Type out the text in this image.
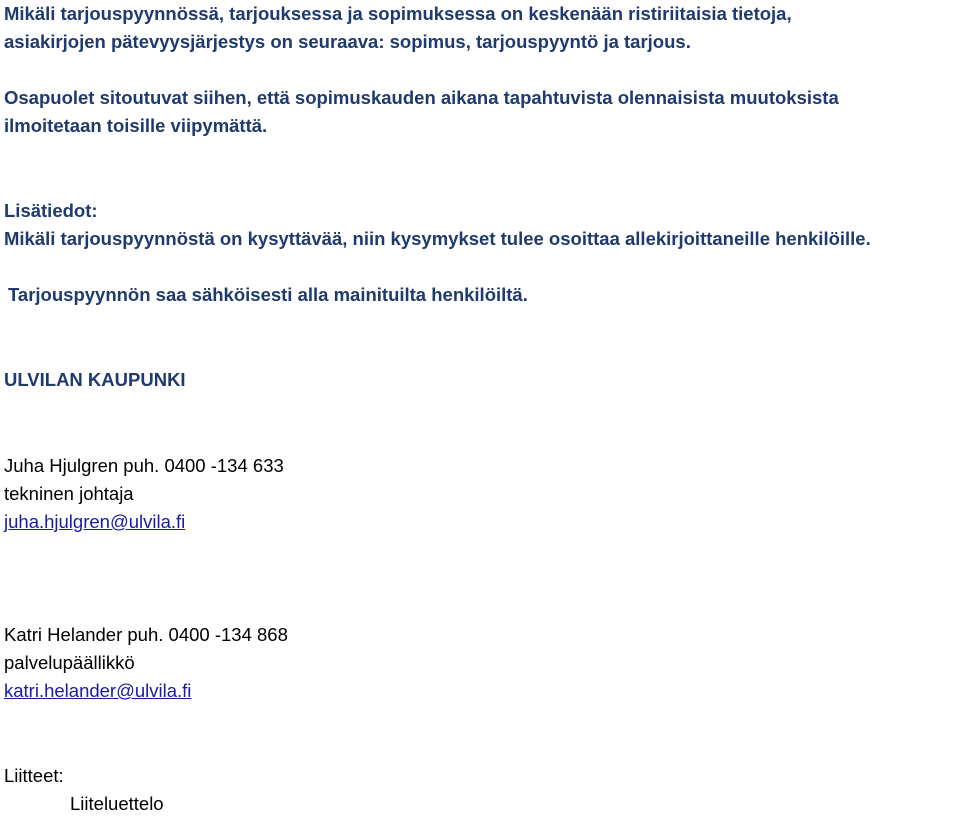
Mikäli tarjouspyynnössä, tarjouksessa ja sopimuksessa on keskenään ristiriitaisia tietoja,
asiakirjojen pätevyysjärjestys on seuraava: sopimus, tarjouspyyntö ja tarjous.
Osapuolet sitoutuvat siihen, että sopimuskauden aikana tapahtuvista olennaisista muutoksista
ilmoitetaan toisille viipymättä.
Lisätiedot:
Mikäli tarjouspyynnöstä on kysyttävää, niin kysymykset tulee osoittaa allekirjoittaneille henkilöille.
Tarjouspyynnön saa sähköisesti alla mainituilta henkilöiltä.
ULVILAN KAUPUNKI
Juha Hjulgren puh. 0400 -134 633
tekninen johtaja
juha.hjulgren@ulvila.fi
Katri Helander puh. 0400 -134 868
palvelupäällikkö
katri.helander@ulvila.fi
Liitteet:
Liiteluettelo
